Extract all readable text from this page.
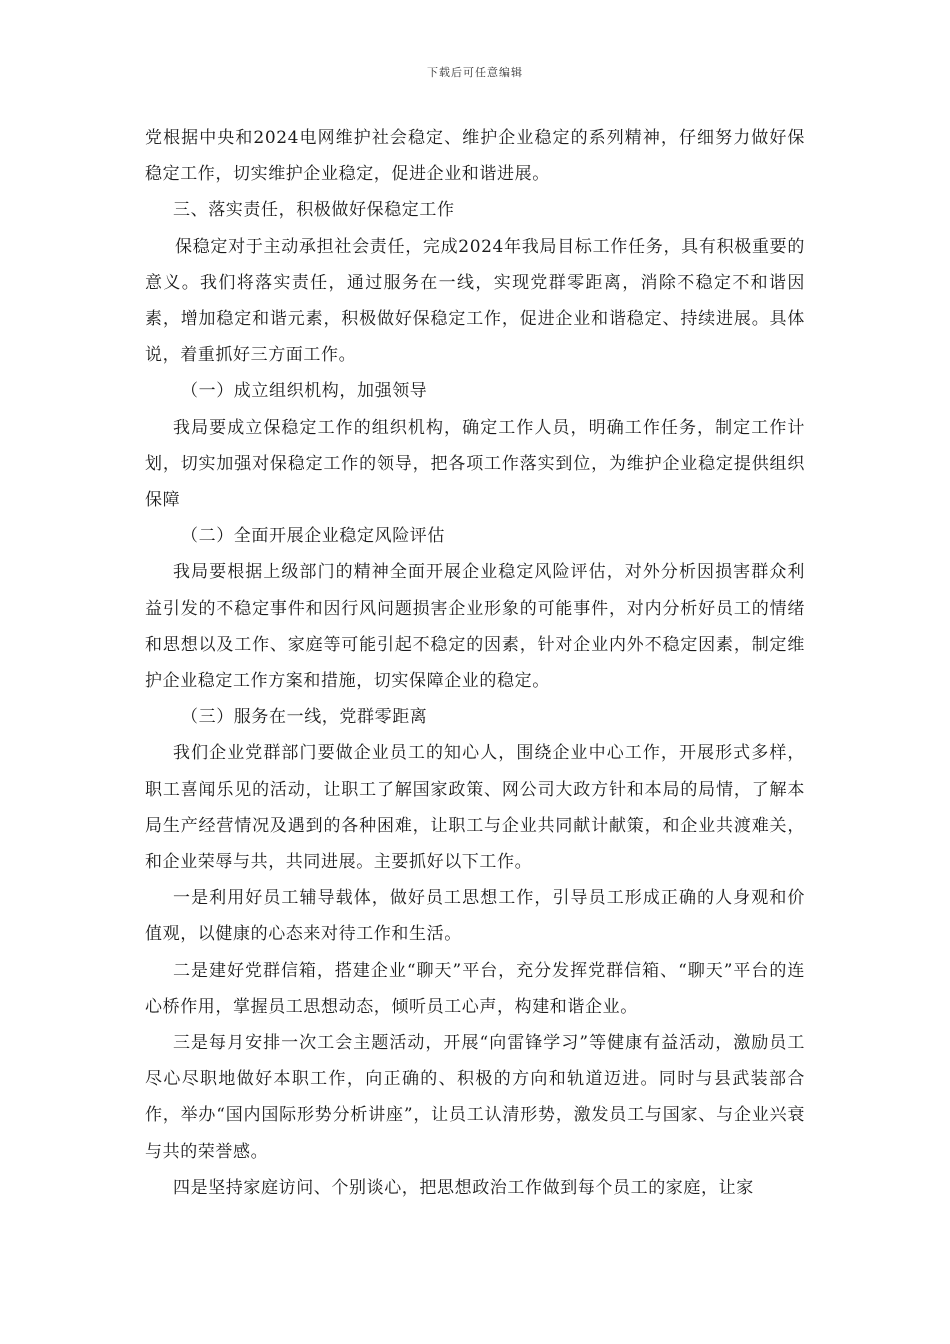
下载后可任意编辑

党根据中央和2024电网维护社会稳定、维护企业稳定的系列精神，仔细努力做好保稳定工作，切实维护企业稳定，促进企业和谐进展。

三、落实责任，积极做好保稳定工作

保稳定对于主动承担社会责任，完成2024年我局目标工作任务，具有积极重要的意义。我们将落实责任，通过服务在一线，实现党群零距离，消除不稳定不和谐因素，增加稳定和谐元素，积极做好保稳定工作，促进企业和谐稳定、持续进展。具体说，着重抓好三方面工作。

（一）成立组织机构，加强领导

我局要成立保稳定工作的组织机构，确定工作人员，明确工作任务，制定工作计划，切实加强对保稳定工作的领导，把各项工作落实到位，为维护企业稳定提供组织保障

（二）全面开展企业稳定风险评估

我局要根据上级部门的精神全面开展企业稳定风险评估，对外分析因损害群众利益引发的不稳定事件和因行风问题损害企业形象的可能事件，对内分析好员工的情绪和思想以及工作、家庭等可能引起不稳定的因素，针对企业内外不稳定因素，制定维护企业稳定工作方案和措施，切实保障企业的稳定。

（三）服务在一线，党群零距离

我们企业党群部门要做企业员工的知心人，围绕企业中心工作，开展形式多样，职工喜闻乐见的活动，让职工了解国家政策、网公司大政方针和本局的局情，了解本局生产经营情况及遇到的各种困难，让职工与企业共同献计献策，和企业共渡难关，和企业荣辱与共，共同进展。主要抓好以下工作。

一是利用好员工辅导载体，做好员工思想工作，引导员工形成正确的人身观和价值观，以健康的心态来对待工作和生活。

二是建好党群信箱，搭建企业“聊天”平台，充分发挥党群信箱、“聊天”平台的连心桥作用，掌握员工思想动态，倾听员工心声，构建和谐企业。

三是每月安排一次工会主题活动，开展“向雷锋学习”等健康有益活动，激励员工尽心尽职地做好本职工作，向正确的、积极的方向和轨道迈进。同时与县武装部合作，举办“国内国际形势分析讲座”，让员工认清形势，激发员工与国家、与企业兴衰与共的荣誉感。

四是坚持家庭访问、个别谈心，把思想政治工作做到每个员工的家庭，让家
